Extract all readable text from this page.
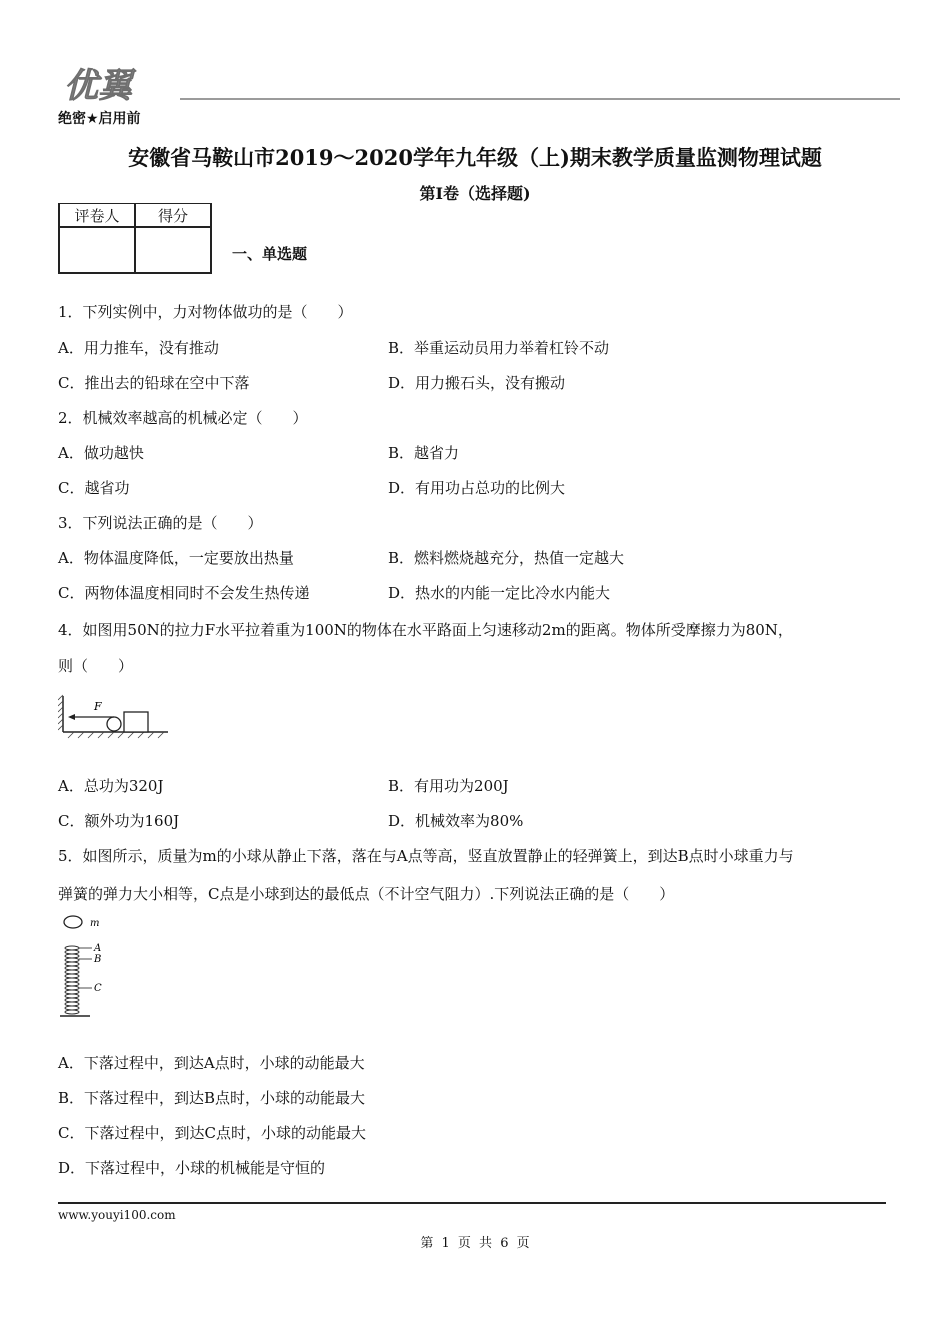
优翼
绝密★启用前
安徽省马鞍山市2019～2020学年九年级（上)期末教学质量监测物理试题
第I卷（选择题)
评卷人	得分

一、单选题
1．下列实例中，力对物体做功的是（　　）
A．用力推车，没有推动	B．举重运动员用力举着杠铃不动
C．推出去的铅球在空中下落	D．用力搬石头，没有搬动
2．机械效率越高的机械必定（　　）
A．做功越快	B．越省力
C．越省功	D．有用功占总功的比例大
3．下列说法正确的是（　　）
A．物体温度降低，一定要放出热量	B．燃料燃烧越充分，热值一定越大
C．两物体温度相同时不会发生热传递	D．热水的内能一定比冷水内能大
4．如图用50N的拉力F水平拉着重为100N的物体在水平路面上匀速移动2m的距离。物体所受摩擦力为80N，
则（　　）
F
A．总功为320J	B．有用功为200J
C．额外功为160J	D．机械效率为80%
5．如图所示，质量为m的小球从静止下落，落在与A点等高，竖直放置静止的轻弹簧上，到达B点时小球重力与
弹簧的弹力大小相等，C点是小球到达的最低点（不计空气阻力）.下列说法正确的是（　　）
m
A
B
C
A．下落过程中，到达A点时，小球的动能最大
B．下落过程中，到达B点时，小球的动能最大
C．下落过程中，到达C点时，小球的动能最大
D．下落过程中，小球的机械能是守恒的
www.youyi100.com
第 1 页 共 6 页
